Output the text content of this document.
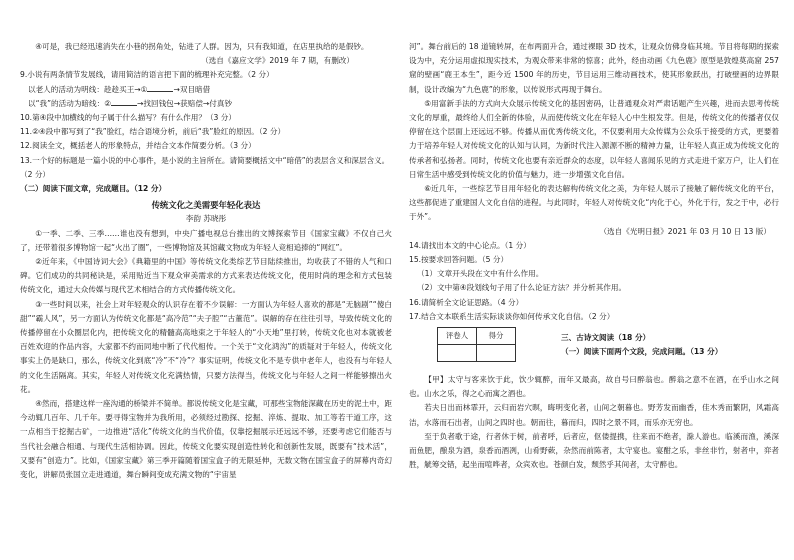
④可是，我已经迅速消失在小巷的拐角处，钻进了人群。因为，只有我知道，在店里执给的是假钞。

（选自《嘉应文学》2019 年 7 期，有删改）

9.小说有两条情节发展线，请用简洁的语言把下面的梳理补充完整。（2 分）

以老人的活动为明线：趁趁买王→①	→双目暗借

以“我”的活动为暗线：②	→找回钱包→获赔偿→付真钞

10.第④段中加横线的句子属于什么描写？有什么作用？（3 分）

11.②④段中都写到了“我”脸红，结合语境分析，前后“我”脸红的原因。（2 分）

12.阅读全文，概括老人的形象特点，并结合文本作简要分析。（3 分）

13.一个好的标题是一篇小说的中心事件，是小说的主旨所在。请简要概括文中“暗借”的表层含义和深层含义。（2 分）

（二）阅读下面文章，完成题目。（12 分）

传统文化之美需要年轻化表达

李韵 苏晓彤

①一季、二季、三季……谁也没有想到，中央广播电视总台推出的文博探索节目《国家宝藏》不仅自己火了，还带着很多博物馆一起“火出了圈”，一些博物馆及其馆藏文物成为年轻人竞相追捧的“网红”。

②近年来，《中国诗词大会》《典籍里的中国》等传统文化类综艺节目陆续推出，均收获了不错的人气和口碑。它们成功的共同秘诀是，采用贴近当下观众审美需求的方式来表达传统文化，使用时尚的理念和方式包装传统文化，通过大众传媒与现代艺术相结合的方式传播传统文化。

③一些时间以来，社会上对年轻观众的认识存在着不少误解：一方面认为年轻人喜欢的都是“无脑剧”“傻白甜”“霸人风”，另一方面认为传统文化都是“高冷范”“夫子腔”“古董范”。误解的存在往往引导，导致传统文化的传播停留在小众圈层化内，把传统文化的精髓高高地束之于年轻人的“小天地”里打转，传统文化也对本就被老百姓欢迎的作品内容，大家都不约而同地中断了代代相传。一个关于“文化鸿沟”的质疑对于年轻人，传统文化事实上仍是缺口，那么，传统文化到底“冷”不“冷”？事实证明，传统文化不是专供中老年人，也没有与年轻人的文化生活隔离。其实，年轻人对传统文化充满热情，只要方法得当，传统文化与年轻人之间一样能够擦出火花。

④然而，搭建这样一座沟通的桥梁并不简单。都说传统文化是宝藏，可那些宝物能深藏在历史的泥土中，距今动辄几百年、几千年。要寻得宝物并为我所用，必须经过勘探、挖掘、淬炼、提取、加工等若干道工序，这一点相当于挖掘古矿，一边推进“活化”传统文化的当代价值，仅靠挖掘展示还远远不够，还要考虑它们能否与当代社会融合相通、与现代生活相协调。因此，传统文化要实现创造性转化和创新性发展，既要有“技术活”，又要有“创造力”。比如，《国家宝藏》第三季开篇随着国宝盒子的无限延伸，无数文物在国宝盒子的屏幕内奇幻变化，讲解员张国立走进通道，舞台瞬间变成充满文物的“宇宙星

河”。舞台前后的 18 道镜转屏，在布两面升合，通过裸眼 3D 技术，让观众仿佛身临其境。节目将每期的探索设为中，充分运用虚拟现实技术，为观众带来非常的惊喜；此外，经由动画《九色鹿》原型是敦煌莫高窟 257 窟的壁画“鹿王本生”，距今近 1500 年的历史，节目运用三维动画技术，使其形象跃出，打破壁画的边界限制，设计改编为“九色鹿”的形象，以传说形式再现于舞台。

⑤用富新手法的方式向大众展示传统文化的基因密码，让普通观众对严肃话题产生兴趣，进而去思考传统文化的厚重，最终给人们全新的体验，从而使传统文化在年轻人心中生根发芽。但是，传统文化的传播者仅仅停留在这个层面上还远远不够。传播从而优秀传统文化，不仅要利用大众传媒为公众乐于接受的方式，更要着力于培养年轻人对传统文化的认知与认同，为新时代注入源源不断的精神力量，让年轻人真正成为传统文化的传承者和弘扬者。同时，传统文化也要有亲近群众的态度，以年轻人喜闻乐见的方式走进千家万户，让人们在日常生活中感受到传统文化的价值与魅力，进一步增强文化自信。

⑥近几年，一些综艺节目用年轻化的表达解构传统文化之美，为年轻人展示了接触了解传统文化的平台，这些都促进了重建国人文化自信的进程。与此同时，年轻人对传统文化“内化于心，外化于行，发之于中，必行于外”。

（选自《光明日报》2021 年 03 月 10 日 13 版）

14.请找出本文的中心论点。（1 分）

15.按要求回答问题。（5 分）

（1）文章开头段在文中有什么作用。

（2）文中第④段划线句子用了什么论证方法？并分析其作用。

16.请简析全文论证思路。（4 分）

17.结合文本联系生活实际谈谈你如何传承文化自信。（2 分）

评卷人	得分
		三、古诗文阅读（18 分）

（一）阅读下面两个文段，完成问题。（13 分）

【甲】太守与客来饮于此，饮少辄醉，而年又最高，故自号曰醉翁也。醉翁之意不在酒，在乎山水之间也。山水之乐，得之心而寓之酒也。

若夫日出而林霏开，云归而岩穴暝，晦明变化者，山间之朝暮也。野芳发而幽香，佳木秀而繁阴，风霜高洁，水落而石出者，山间之四时也。朝而往，暮而归，四时之景不同，而乐亦无穷也。

至于负者歌于途，行者休于树，前者呼，后者应，伛偻提携，往来而不绝者，滁人游也。临溪而渔，溪深而鱼肥，酿泉为酒，泉香而酒冽，山肴野蔌，杂然而前陈者，太守宴也。宴酣之乐，非丝非竹，射者中，弈者胜，觥筹交错，起坐而喧哗者，众宾欢也。苍颜白发，颓然乎其间者，太守醉也。
